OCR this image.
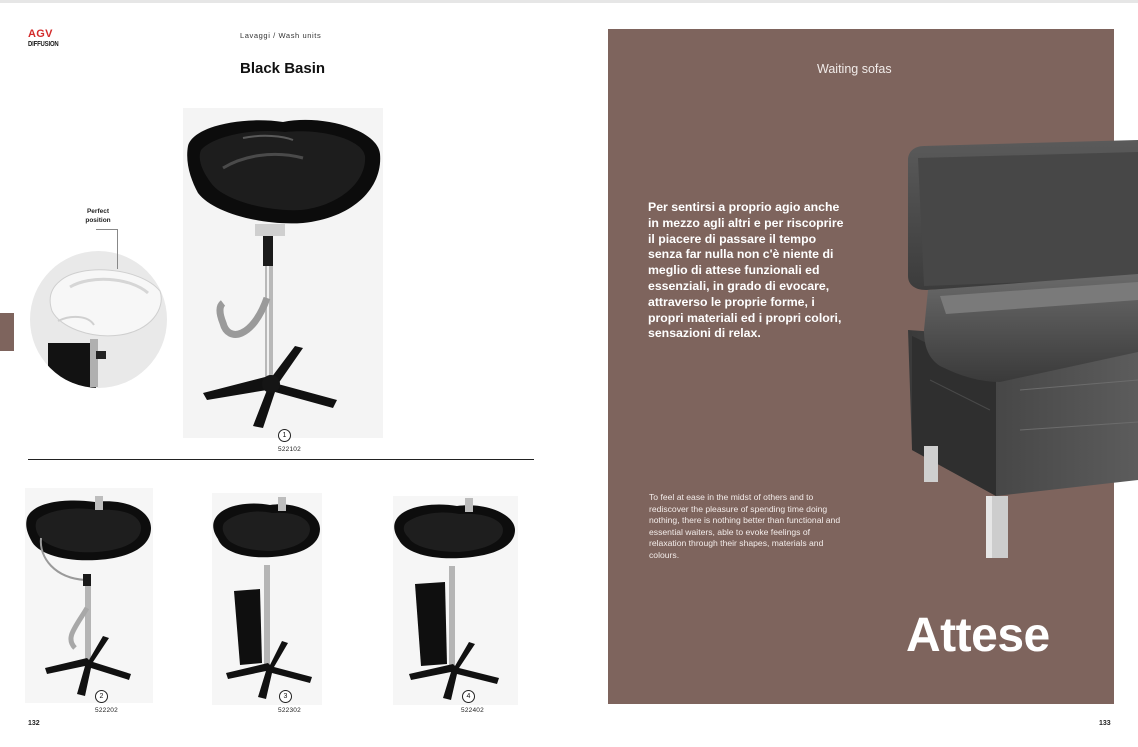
AGV
DIFFUSION
Lavaggi / Wash units
Black Basin
Perfect
position
1
522102
2
522202
3
522302
4
522402
132
Waiting sofas
Per sentirsi a proprio agio anche in mezzo agli altri e per riscoprire il piacere di passare il tempo senza far nulla non c'è niente di meglio di attese funzionali ed essenziali, in grado di evocare, attraverso le proprie forme, i propri materiali ed i propri colori, sensazioni di relax.
To feel at ease in the midst of others and to rediscover the pleasure of spending time doing nothing, there is nothing better than functional and essential waiters, able to evoke feelings of relaxation through their shapes, materials and colours.
Attese
133
